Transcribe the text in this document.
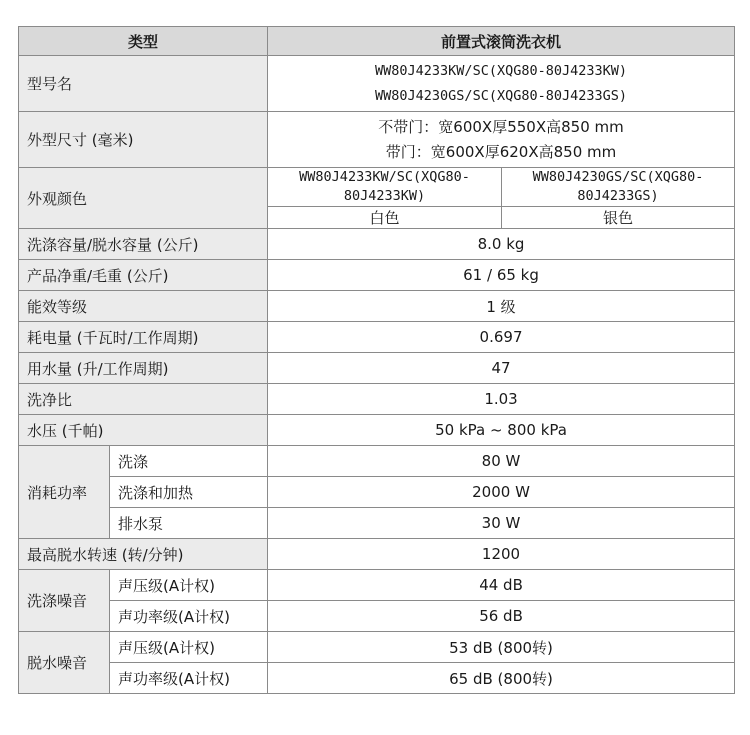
类型		前置式滚筒洗衣机	
型号名		WW80J4233KW/SC(XQG80-80J4233KW)
WW80J4230GS/SC(XQG80-80J4233GS)	

外型尺寸 (毫米)		不带门：宽600X厚550X高850 mm
带门：宽600X厚620X高850 mm	

外观颜色		WW80J4233KW/SC(XQG80-80J4233KW)	WW80J4230GS/SC(XQG80-80J4233GS)
		白色	银色
洗涤容量/脱水容量 (公斤)		8.0 kg	
产品净重/毛重 (公斤)		61 / 65 kg	
能效等级		1 级	
耗电量 (千瓦时/工作周期)		0.697	
用水量 (升/工作周期)		47	
洗净比		1.03	
水压 (千帕)		50 kPa ~ 800 kPa	
消耗功率	洗涤	80 W	
	洗涤和加热	2000 W	
	排水泵	30 W	
最高脱水转速 (转/分钟)		1200	
洗涤噪音	声压级(A计权)	44 dB	
	声功率级(A计权)	56 dB	
脱水噪音	声压级(A计权)	53 dB (800转)	
	声功率级(A计权)	65 dB (800转)	
